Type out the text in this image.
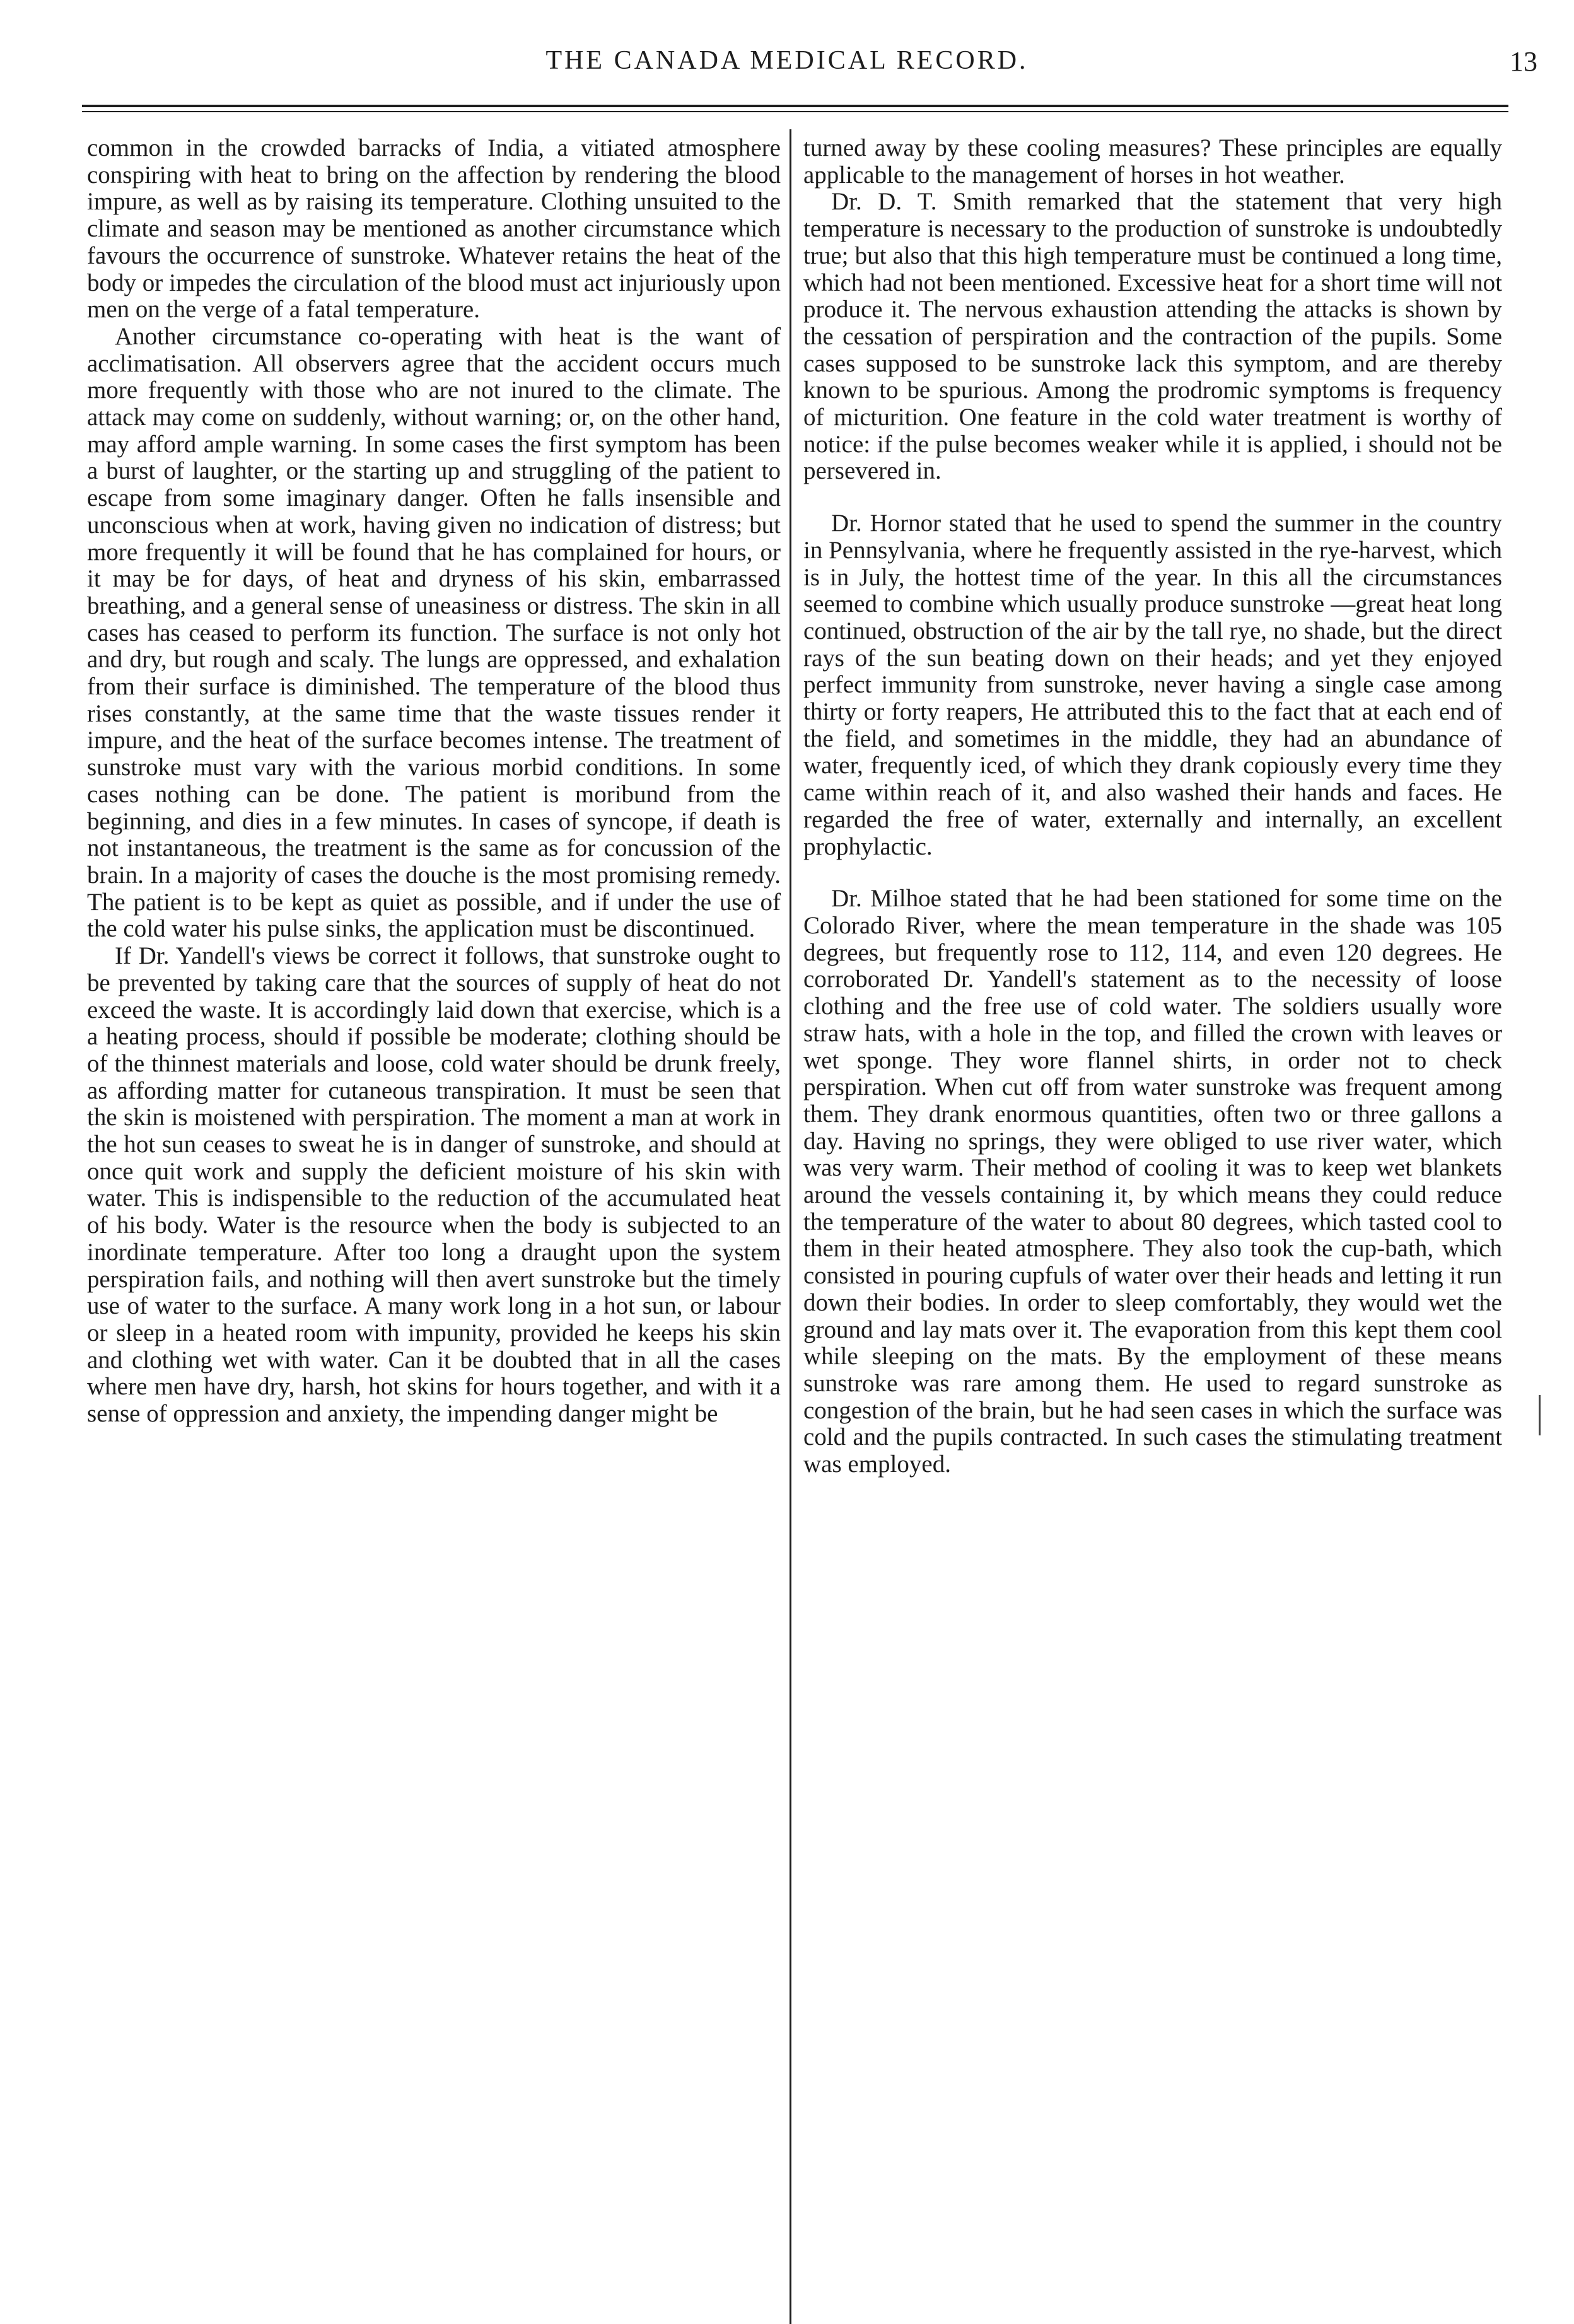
THE CANADA MEDICAL RECORD.	13

common in the crowded barracks of India, a vitiated atmosphere conspiring with heat to bring on the affection by rendering the blood impure, as well as by raising its temperature. Clothing unsuited to the climate and season may be mentioned as another circumstance which favours the occurrence of sunstroke. Whatever retains the heat of the body or impedes the circulation of the blood must act injuriously upon men on the verge of a fatal temperature.

Another circumstance co-operating with heat is the want of acclimatisation. All observers agree that the accident occurs much more frequently with those who are not inured to the climate. The attack may come on suddenly, without warning; or, on the other hand, may afford ample warning. In some cases the first symptom has been a burst of laughter, or the starting up and struggling of the patient to escape from some imaginary danger. Often he falls insensible and unconscious when at work, having given no indication of distress; but more frequently it will be found that he has complained for hours, or it may be for days, of heat and dryness of his skin, embarrassed breathing, and a general sense of uneasiness or distress. The skin in all cases has ceased to perform its function. The surface is not only hot and dry, but rough and scaly. The lungs are oppressed, and exhalation from their surface is diminished. The temperature of the blood thus rises constantly, at the same time that the waste tissues render it impure, and the heat of the surface becomes intense. The treatment of sunstroke must vary with the various morbid conditions. In some cases nothing can be done. The patient is moribund from the beginning, and dies in a few minutes. In cases of syncope, if death is not instantaneous, the treatment is the same as for concussion of the brain. In a majority of cases the douche is the most promising remedy. The patient is to be kept as quiet as possible, and if under the use of the cold water his pulse sinks, the application must be discontinued.

If Dr. Yandell's views be correct it follows, that sunstroke ought to be prevented by taking care that the sources of supply of heat do not exceed the waste. It is accordingly laid down that exercise, which is a a heating process, should if possible be moderate; clothing should be of the thinnest materials and loose, cold water should be drunk freely, as affording matter for cutaneous transpiration. It must be seen that the skin is moistened with perspiration. The moment a man at work in the hot sun ceases to sweat he is in danger of sunstroke, and should at once quit work and supply the deficient moisture of his skin with water. This is indispensible to the reduction of the accumulated heat of his body. Water is the resource when the body is subjected to an inordinate temperature. After too long a draught upon the system perspiration fails, and nothing will then avert sunstroke but the timely use of water to the surface. A many work long in a hot sun, or labour or sleep in a heated room with impunity, provided he keeps his skin and clothing wet with water. Can it be doubted that in all the cases where men have dry, harsh, hot skins for hours together, and with it a sense of oppression and anxiety, the impending danger might be

turned away by these cooling measures? These principles are equally applicable to the management of horses in hot weather.

Dr. D. T. Smith remarked that the statement that very high temperature is necessary to the production of sunstroke is undoubtedly true; but also that this high temperature must be continued a long time, which had not been mentioned. Excessive heat for a short time will not produce it. The nervous exhaustion attending the attacks is shown by the cessation of perspiration and the contraction of the pupils. Some cases supposed to be sunstroke lack this symptom, and are thereby known to be spurious. Among the prodromic symptoms is frequency of micturition. One feature in the cold water treatment is worthy of notice: if the pulse becomes weaker while it is applied, i should not be persevered in.

Dr. Hornor stated that he used to spend the summer in the country in Pennsylvania, where he frequently assisted in the rye-harvest, which is in July, the hottest time of the year. In this all the circumstances seemed to combine which usually produce sunstroke —great heat long continued, obstruction of the air by the tall rye, no shade, but the direct rays of the sun beating down on their heads; and yet they enjoyed perfect immunity from sunstroke, never having a single case among thirty or forty reapers, He attributed this to the fact that at each end of the field, and sometimes in the middle, they had an abundance of water, frequently iced, of which they drank copiously every time they came within reach of it, and also washed their hands and faces. He regarded the free of water, externally and internally, an excellent prophylactic.

Dr. Milhoe stated that he had been stationed for some time on the Colorado River, where the mean temperature in the shade was 105 degrees, but frequently rose to 112, 114, and even 120 degrees. He corroborated Dr. Yandell's statement as to the necessity of loose clothing and the free use of cold water. The soldiers usually wore straw hats, with a hole in the top, and filled the crown with leaves or wet sponge. They wore flannel shirts, in order not to check perspiration. When cut off from water sunstroke was frequent among them. They drank enormous quantities, often two or three gallons a day. Having no springs, they were obliged to use river water, which was very warm. Their method of cooling it was to keep wet blankets around the vessels containing it, by which means they could reduce the temperature of the water to about 80 degrees, which tasted cool to them in their heated atmosphere. They also took the cup-bath, which consisted in pouring cupfuls of water over their heads and letting it run down their bodies. In order to sleep comfortably, they would wet the ground and lay mats over it. The evaporation from this kept them cool while sleeping on the mats. By the employment of these means sunstroke was rare among them. He used to regard sunstroke as congestion of the brain, but he had seen cases in which the surface was cold and the pupils contracted. In such cases the stimulating treatment was employed.
